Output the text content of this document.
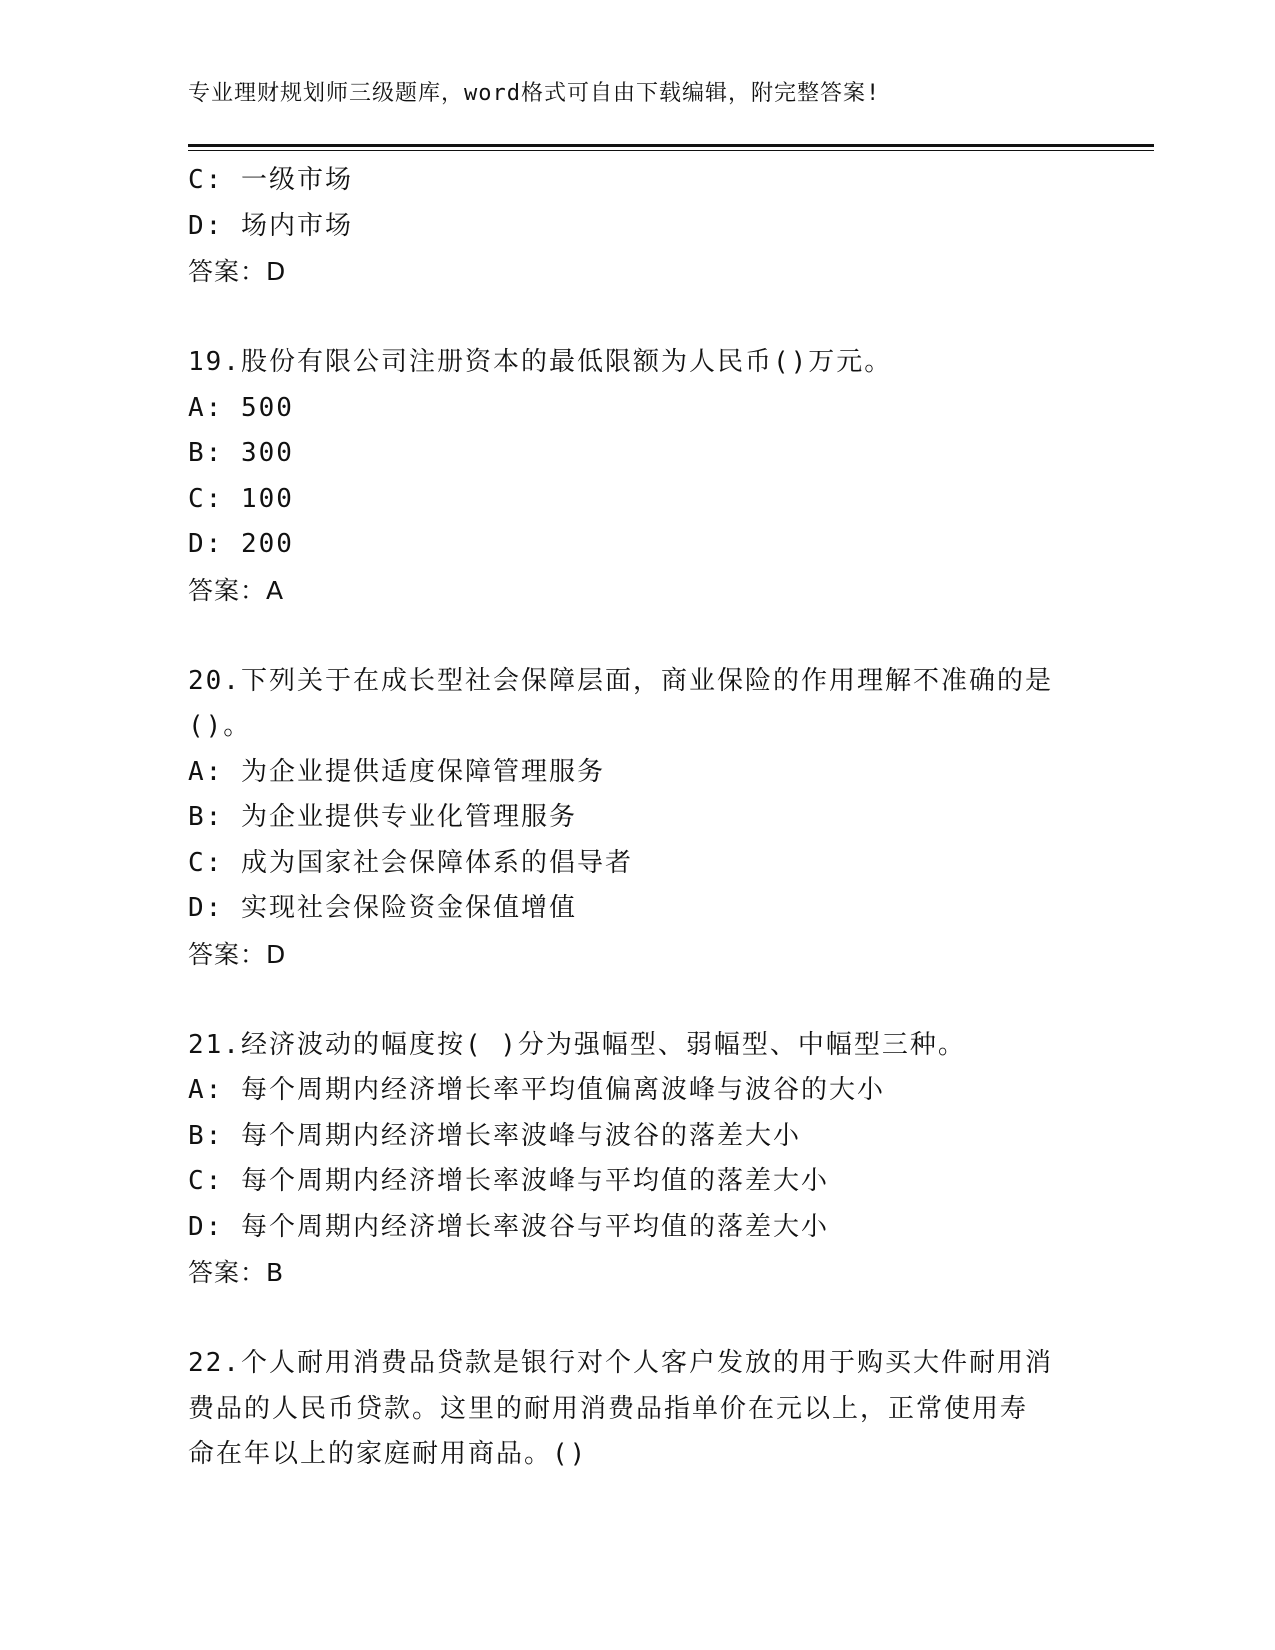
专业理财规划师三级题库，word格式可自由下载编辑，附完整答案!
C: 一级市场
D: 场内市场
答案：D
19.股份有限公司注册资本的最低限额为人民币()万元。
A: 500
B: 300
C: 100
D: 200
答案：A
20.下列关于在成长型社会保障层面，商业保险的作用理解不准确的是
()。
A: 为企业提供适度保障管理服务
B: 为企业提供专业化管理服务
C: 成为国家社会保障体系的倡导者
D: 实现社会保险资金保值增值
答案：D
21.经济波动的幅度按( )分为强幅型、弱幅型、中幅型三种。
A: 每个周期内经济增长率平均值偏离波峰与波谷的大小
B: 每个周期内经济增长率波峰与波谷的落差大小
C: 每个周期内经济增长率波峰与平均值的落差大小
D: 每个周期内经济增长率波谷与平均值的落差大小
答案：B
22.个人耐用消费品贷款是银行对个人客户发放的用于购买大件耐用消
费品的人民币贷款。这里的耐用消费品指单价在元以上，正常使用寿
命在年以上的家庭耐用商品。()
